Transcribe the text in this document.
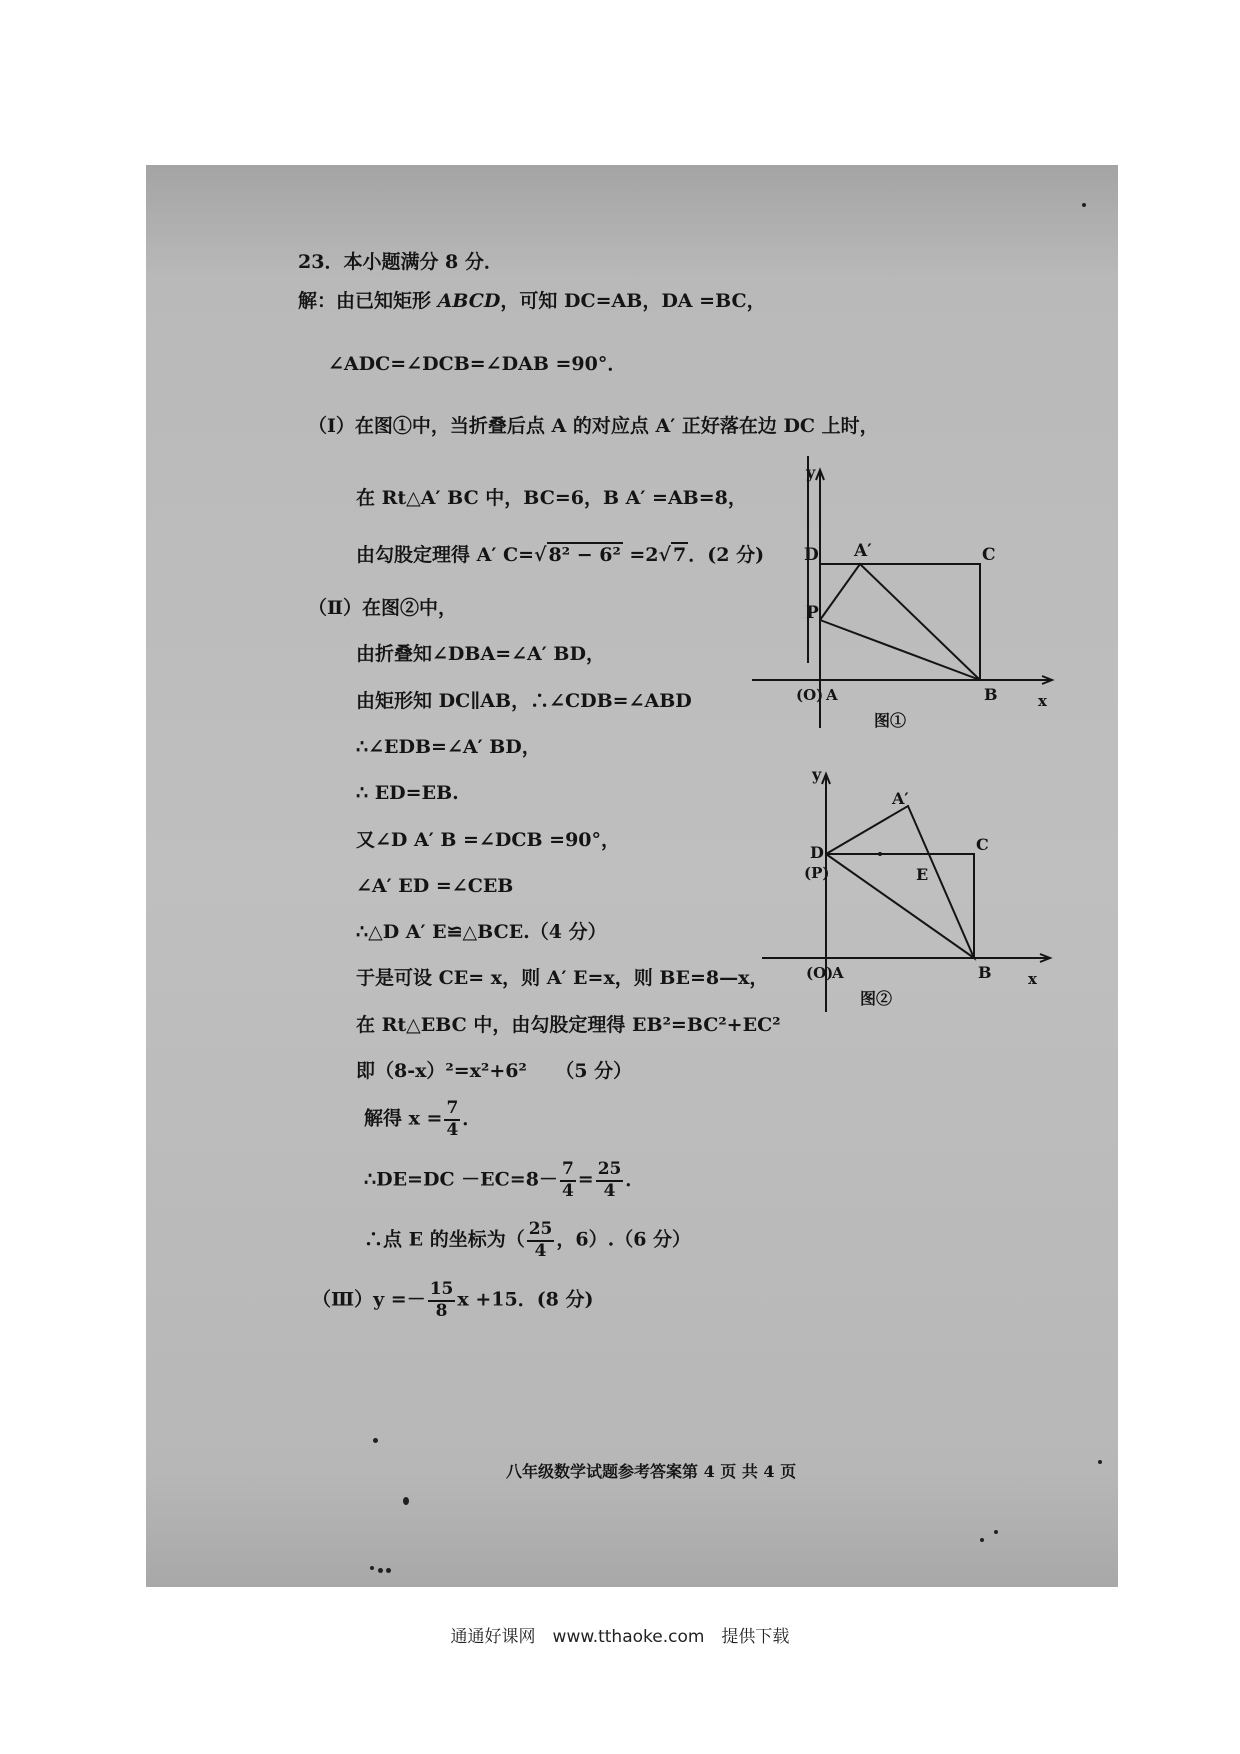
23．本小题满分 8 分．
解：由已知矩形 ABCD，可知 DC=AB，DA =BC，
∠ADC=∠DCB=∠DAB =90°．
（Ⅰ）在图①中，当折叠后点 A 的对应点 A′ 正好落在边 DC 上时，
在 Rt△A′ BC 中，BC=6，B A′ =AB=8，
由勾股定理得 A′ C=√ 8² − 6² =2√ 7 ．(2 分)
（Ⅱ）在图②中，
由折叠知∠DBA=∠A′ BD，
由矩形知 DC∥AB，∴∠CDB=∠ABD
∴∠EDB=∠A′ BD，
∴ ED=EB.
又∠D A′ B =∠DCB =90°，
∠A′ ED =∠CEB
∴△D A′ E≌△BCE.（4 分）
于是可设 CE= x，则 A′ E=x，则 BE=8—x，
在 Rt△EBC 中，由勾股定理得 EB²=BC²+EC²
即（8-x）²=x²+6²　　（5 分）
解得 $x = \frac{7}{4}$ ．
∴DE=DC $-EC=8- \frac{7}{4} = \frac{25}{4}$ ．
∴点 E 的坐标为（ $\frac{25}{4}$ ，6）.（6 分）
（Ⅲ）y =－ $\frac{15}{8}$ x +15．(8 分)
八年级数学试题参考答案第 4 页 共 4 页
y
D A′	C
P
(O) A	B	x
图①
y
D
(P)
A′
C
E
(O)
A	B x
图②
通通好课网　www.tthaoke.com　提供下载
